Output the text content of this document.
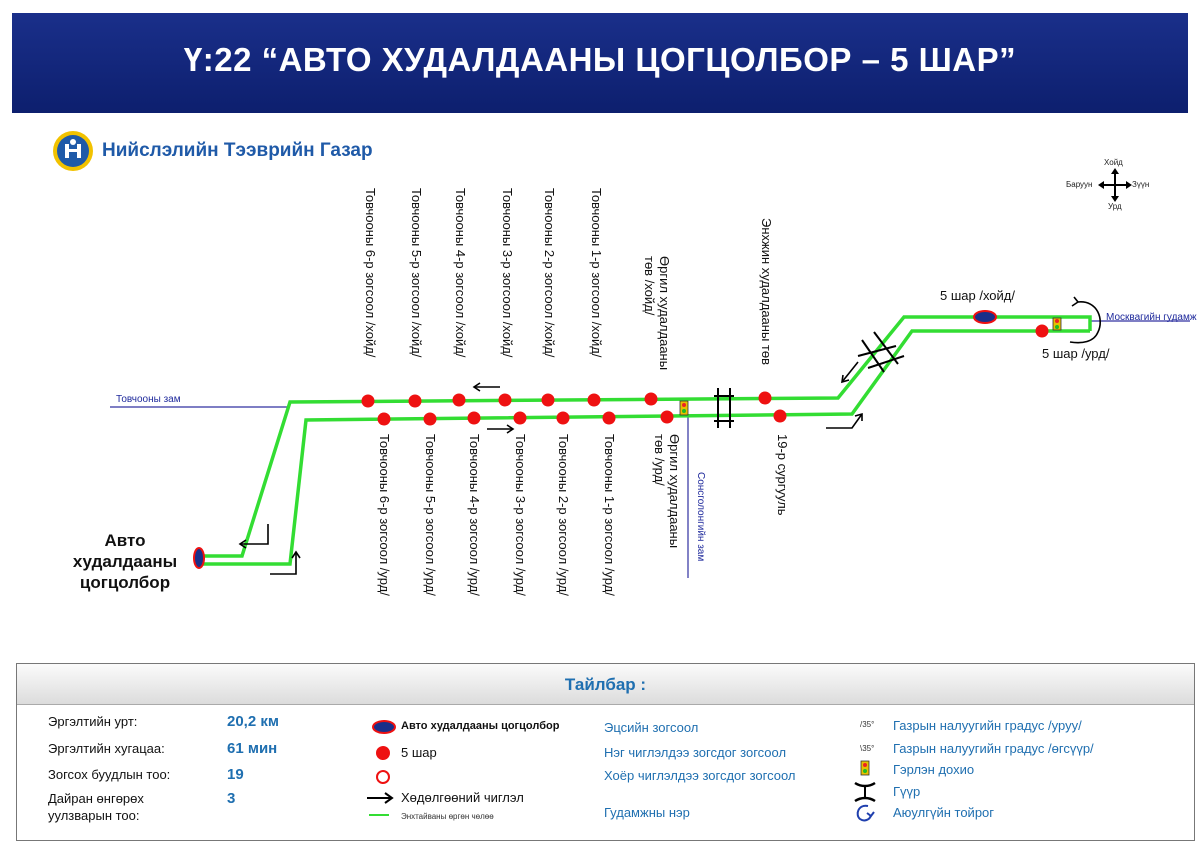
Ү:22 “АВТО ХУДАЛДААНЫ ЦОГЦОЛБОР – 5 ШАР”
Нийслэлийн Тээврийн Газар
Хойд
Баруун	Зүүн
Урд
Товчооны зам
Москвагийн гудамж
Сонсголонгийн зам
Авто
худалдааны
цогцолбор
Товчооны 6-р зогсоол /хойд/ Товчооны 5-р зогсоол /хойд/ Товчооны 4-р зогсоол /хойд/ Товчооны 3-р зогсоол /хойд/ Товчооны 2-р зогсоол /хойд/ Товчооны 1-р зогсоол /хойд/	Өргил худалдааны
төв /хойд/	Энхжин худалдааны төв
Товчооны 6-р зогсоол /урд/ Товчооны 5-р зогсоол /урд/ Товчооны 4-р зогсоол /урд/ Товчооны 3-р зогсоол /урд/ Товчооны 2-р зогсоол /урд/ Товчооны 1-р зогсоол /урд/	Өргил худалдааны
төв /урд/	19-р сургууль
5 шар /хойд/
5 шар /урд/
Тайлбар :
Эргэлтийн урт:	20,2 км
Эргэлтийн хугацаа:	61 мин
Зогсох буудлын тоо:	19
Дайран өнгөрөх
уулзварын тоо:
3
Авто худалдааны цогцолбор
5 шар
Хөдөлгөөний чиглэл
Энхтайваны өргөн чөлөө
Эцсийн зогсоол
Нэг чиглэлдээ зогсдог зогсоол
Хоёр чиглэлдээ зогсдог зогсоол
Гудамжны нэр
/35° Газрын налуугийн градус /уруу/
\35° Газрын налуугийн градус /өгсүүр/
Гэрлэн дохио
Гүүр
Аюулгүйн тойрог
